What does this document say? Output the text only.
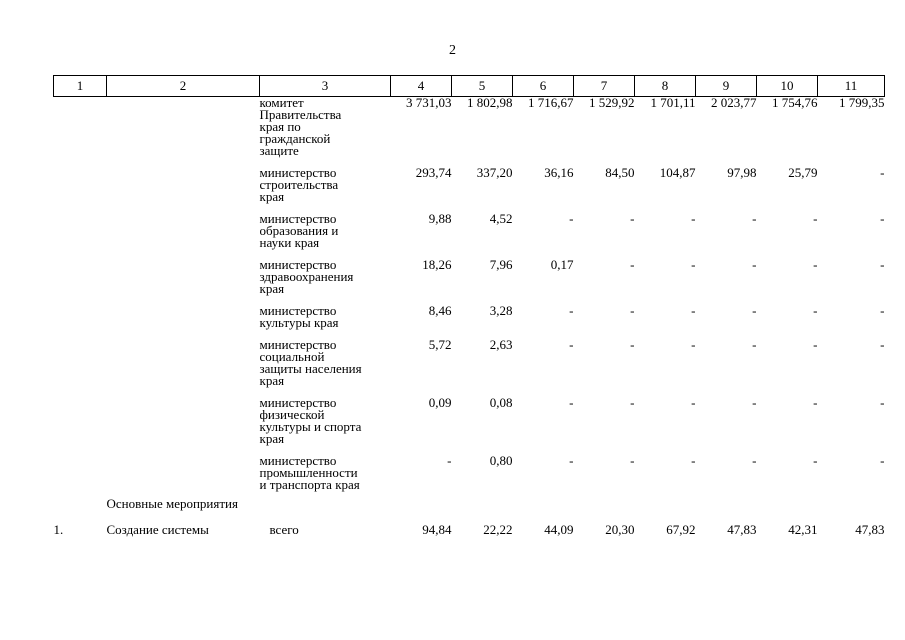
2
1	2	3	4	5	6	7	8	9	10	11

		комитет
Правительства
края по
гражданской
защите	3 731,03	1 802,98	1 716,67	1 529,92	1 701,11	2 023,77	1 754,76	1 799,35

		министерство
строительства
края	293,74	337,20	36,16	84,50	104,87	97,98	25,79	-

		министерство
образования и
науки края	9,88	4,52	-	-	-	-	-	-

		министерство
здравоохранения
края	18,26	7,96	0,17	-	-	-	-	-

		министерство
культуры края	8,46	3,28	-	-	-	-	-	-

		министерство
социальной
защиты населения
края	5,72	2,63	-	-	-	-	-	-

		министерство
физической
культуры и спорта
края	0,09	0,08	-	-	-	-	-	-

		министерство
промышленности
и транспорта края	-	0,80	-	-	-	-	-	-
	Основные мероприятия									
1.	Создание системы	всего	94,84	22,22	44,09	20,30	67,92	47,83	42,31	47,83
